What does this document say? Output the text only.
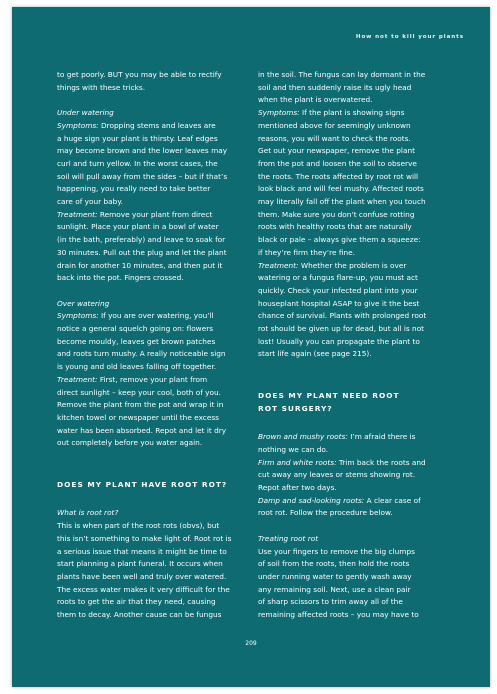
How not to kill your plants

to get poorly. BUT you may be able to rectify
things with these tricks.

Under watering

Symptoms: Dropping stems and leaves are
a huge sign your plant is thirsty. Leaf edges
may become brown and the lower leaves may
curl and turn yellow. In the worst cases, the
soil will pull away from the sides – but if that’s
happening, you really need to take better
care of your baby.

Treatment: Remove your plant from direct
sunlight. Place your plant in a bowl of water
(in the bath, preferably) and leave to soak for
30 minutes. Pull out the plug and let the plant
drain for another 10 minutes, and then put it
back into the pot. Fingers crossed.

Over watering

Symptoms: If you are over watering, you’ll
notice a general squelch going on: flowers
become mouldy, leaves get brown patches
and roots turn mushy. A really noticeable sign
is young and old leaves falling off together.

Treatment: First, remove your plant from
direct sunlight – keep your cool, both of you.
Remove the plant from the pot and wrap it in
kitchen towel or newspaper until the excess
water has been absorbed. Repot and let it dry
out completely before you water again.

DOES MY PLANT HAVE ROOT ROT?

What is root rot?

This is when part of the root rots (obvs), but
this isn’t something to make light of. Root rot is
a serious issue that means it might be time to
start planning a plant funeral. It occurs when
plants have been well and truly over watered.
The excess water makes it very difficult for the
roots to get the air that they need, causing
them to decay. Another cause can be fungus

in the soil. The fungus can lay dormant in the
soil and then suddenly raise its ugly head
when the plant is overwatered.

Symptoms: If the plant is showing signs
mentioned above for seemingly unknown
reasons, you will want to check the roots.
Get out your newspaper, remove the plant
from the pot and loosen the soil to observe
the roots. The roots affected by root rot will
look black and will feel mushy. Affected roots
may literally fall off the plant when you touch
them. Make sure you don’t confuse rotting
roots with healthy roots that are naturally
black or pale – always give them a squeeze:
if they’re firm they’re fine.

Treatment: Whether the problem is over
watering or a fungus flare-up, you must act
quickly. Check your infected plant into your
houseplant hospital ASAP to give it the best
chance of survival. Plants with prolonged root
rot should be given up for dead, but all is not
lost! Usually you can propagate the plant to
start life again (see page 215).

DOES MY PLANT NEED ROOT
ROT SURGERY?

Brown and mushy roots: I’m afraid there is
nothing we can do.

Firm and white roots: Trim back the roots and
cut away any leaves or stems showing rot.
Repot after two days.

Damp and sad-looking roots: A clear case of
root rot. Follow the procedure below.

Treating root rot

Use your fingers to remove the big clumps
of soil from the roots, then hold the roots
under running water to gently wash away
any remaining soil. Next, use a clean pair
of sharp scissors to trim away all of the
remaining affected roots – you may have to

209
